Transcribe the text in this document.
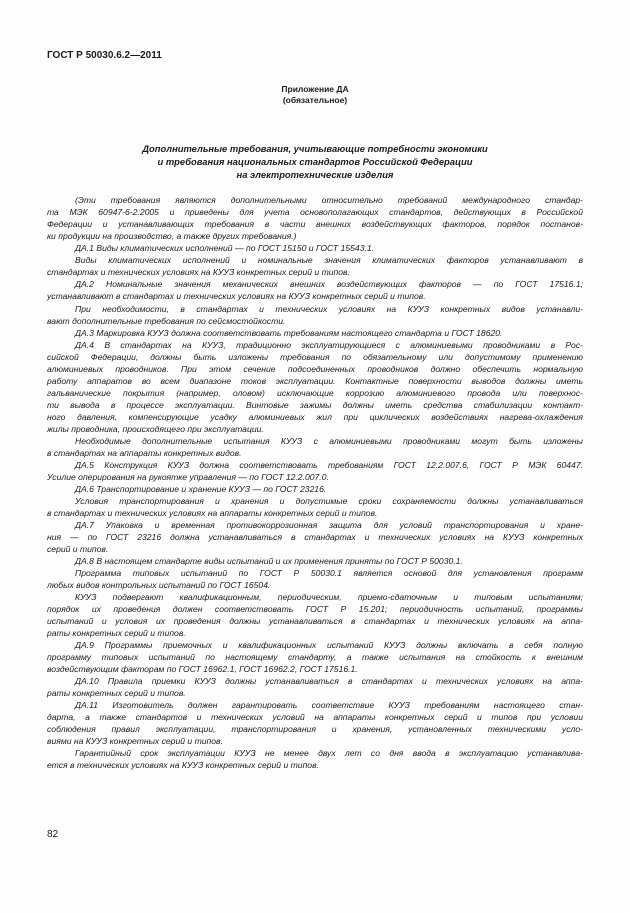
ГОСТ Р 50030.6.2—2011
Приложение ДА
(обязательное)
Дополнительные требования, учитывающие потребности экономики
и требования национальных стандартов Российской Федерации
на электротехнические изделия
(Эти требования являются дополнительными относительно требований международного стандар-
та МЭК 60947-6-2:2005 и приведены для учета основополагающих стандартов, действующих в Российской
Федерации и устанавливающих требования в части внешних воздействующих факторов, порядок постанов-
ки продукции на производство, а также других требования.)
ДА.1 Виды климатических исполнений — по ГОСТ 15150 и ГОСТ 15543.1.
Виды климатических исполнений и номинальные значения климатических факторов устанавливают в
стандартах и технических условиях на КУУЗ конкретных серий и типов.
ДА.2 Номинальные значения механических внешних воздействующих факторов — по ГОСТ 17516.1;
устанавливают в стандартах и технических условиях на КУУЗ конкретных серий и типов.
При необходимости, в стандартах и технических условиях на КУУЗ конкретных видов устанавли-
вают дополнительные требования по сейсмостойкости.
ДА.3 Маркировка КУУЗ должна соответствовать требованиям настоящего стандарта и ГОСТ 18620.
ДА.4 В стандартах на КУУЗ, традиционно эксплуатирующиеся с алюминиевыми проводниками в Рос-
сийской Федерации, должны быть изложены требования по обязательному или допустимому применению
алюминиевых проводников. При этом сечение подсоединенных проводников должно обеспечить нормальную
работу аппаратов во всем диапазоне токов эксплуатации. Контактные поверхности выводов должны иметь
гальванические покрытия (например, оловом) исключающие коррозию алюминиевого провода или поверхнос-
ти вывода в процессе эксплуатации. Винтовые зажимы должны иметь средства стабилизации контакт-
ного давления, компенсирующие усадку алюминиевых жил при циклических воздействиях нагрева-охлаждения
жилы проводника, происходящего при эксплуатации.
Необходимые дополнительные испытания КУУЗ с алюминиевыми проводниками могут быть изложены
в стандартах на аппараты конкретных видов.
ДА.5 Конструкция КУУЗ должна соответствовать требованиям ГОСТ 12.2.007.6, ГОСТ Р МЭК 60447.
Усилие оперирования на рукоятке управления — по ГОСТ 12.2.007.0.
ДА.6 Транспортирование и хранение КУУЗ — по ГОСТ 23216.
Условия транспортирования и хранения и допустимые сроки сохраняемости должны устанавливаться
в стандартах и технических условиях на аппараты конкретных серий и типов.
ДА.7 Упаковка и временная противокоррозионная защита для условий транспортирования и хране-
ния — по ГОСТ 23216 должна устанавливаться в стандартах и технических условиях на КУУЗ конкретных
серий и типов.
ДА.8 В настоящем стандарте виды испытаний и их применения приняты по ГОСТ Р 50030.1.
Программа типовых испытаний по ГОСТ Р 50030.1 является основой для установления программ
любых видов контрольных испытаний по ГОСТ 16504.
КУУЗ подвергают квалификационным, периодическим, приемо-сдаточным и типовым испытаниям;
порядок их проведения должен соответствовать ГОСТ Р 15.201; периодичность испытаний, программы
испытаний и условия их проведения должны устанавливаться в стандартах и технических условиях на аппа-
раты конкретных серий и типов.
ДА.9 Программы приемочных и квалификационных испытаний КУУЗ должны включать в себя полную
программу типовых испытаний по настоящему стандарту, а также испытания на стойкость к внешним
воздействующим факторам по ГОСТ 16962.1, ГОСТ 16962.2, ГОСТ 17516.1.
ДА.10 Правила приемки КУУЗ должны устанавливаться в стандартах и технических условиях на аппа-
раты конкретных серий и типов.
ДА.11 Изготовитель должен гарантировать соответствие КУУЗ требованиям настоящего стан-
дарта, а также стандартов и технических условий на аппараты конкретных серий и типов при условии
соблюдения правил эксплуатации, транспортирования и хранения, установленных техническими усло-
виями на КУУЗ конкретных серий и типов.
Гарантийный срок эксплуатации КУУЗ не менее двух лет со дня ввода в эксплуатацию устанавлива-
ется в технических условиях на КУУЗ конкретных серий и типов.
82
